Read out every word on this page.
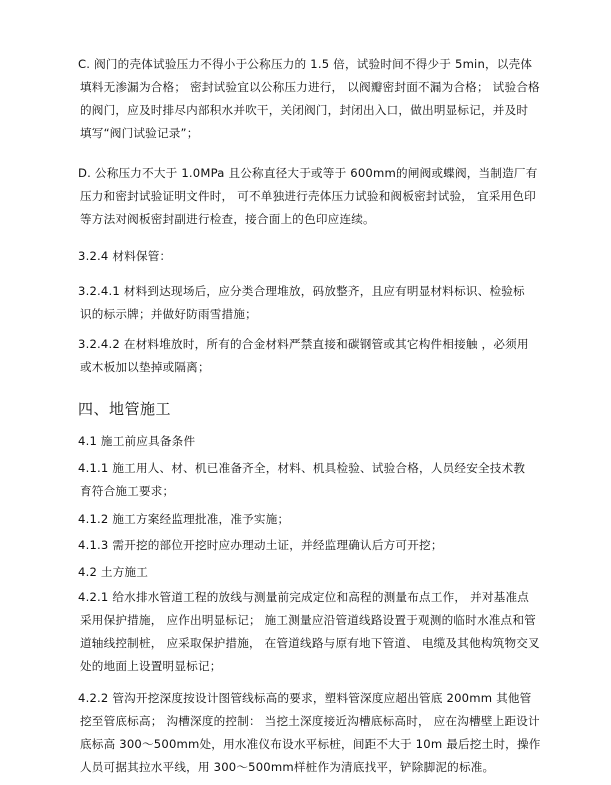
C. 阀门的壳体试验压力不得小于公称压力的 1.5 倍，试验时间不得少于 5min，以壳体
填料无渗漏为合格； 密封试验宜以公称压力进行， 以阀瓣密封面不漏为合格； 试验合格
的阀门，应及时排尽内部积水并吹干，关闭阀门，封闭出入口，做出明显标记，并及时
填写“阀门试验记录”；
D. 公称压力不大于 1.0MPa 且公称直径大于或等于 600mm的闸阀或蝶阀，当制造厂有
压力和密封试验证明文件时， 可不单独进行壳体压力试验和阀板密封试验， 宜采用色印
等方法对阀板密封副进行检查，接合面上的色印应连续。
3.2.4 材料保管：
3.2.4.1 材料到达现场后，应分类合理堆放，码放整齐，且应有明显材料标识、检验标
识的标示牌；并做好防雨雪措施；
3.2.4.2 在材料堆放时，所有的合金材料严禁直接和碳钢管或其它构件相接触 ，必须用
或木板加以垫掉或隔离；
四、地管施工
4.1 施工前应具备条件
4.1.1 施工用人、材、机已准备齐全，材料、机具检验、试验合格，人员经安全技术教
育符合施工要求；
4.1.2 施工方案经监理批准，准予实施；
4.1.3 需开挖的部位开挖时应办理动土证，并经监理确认后方可开挖；
4.2 土方施工
4.2.1 给水排水管道工程的放线与测量前完成定位和高程的测量布点工作， 并对基准点
采用保护措施， 应作出明显标记； 施工测量应沿管道线路设置于观测的临时水准点和管
道轴线控制桩， 应采取保护措施， 在管道线路与原有地下管道、 电缆及其他构筑物交叉
处的地面上设置明显标记；
4.2.2 管沟开挖深度按设计图管线标高的要求，塑料管深度应超出管底 200mm 其他管
挖至管底标高； 沟槽深度的控制： 当挖土深度接近沟槽底标高时， 应在沟槽壁上距设计
底标高 300～500mm处，用水准仪布设水平标桩，间距不大于 10m 最后挖土时，操作
人员可据其拉水平线，用 300～500mm样桩作为清底找平，铲除脚泥的标准。
